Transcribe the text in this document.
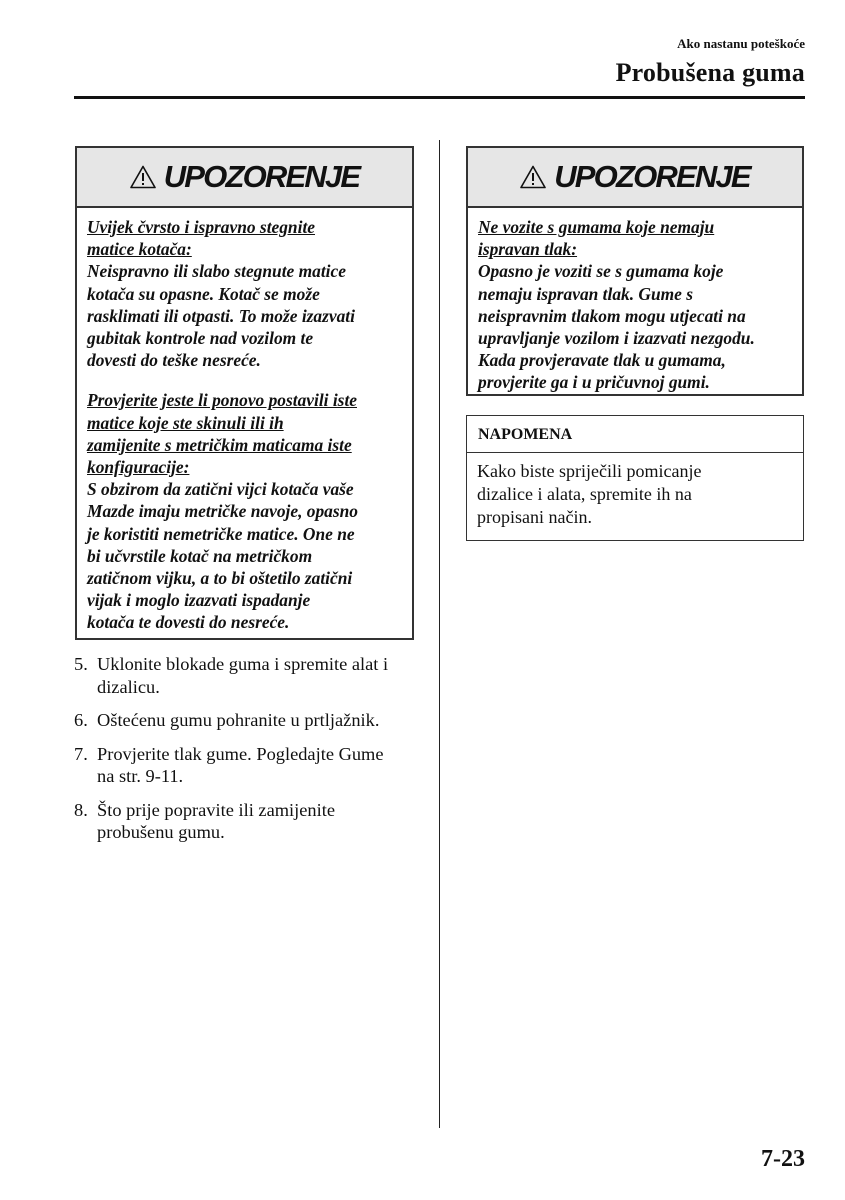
Ako nastanu poteškoće
Probušena guma
UPOZORENJE

Uvijek čvrsto i ispravno stegnite
matice kotača:
Neispravno ili slabo stegnute matice
kotača su opasne. Kotač se može
rasklimati ili otpasti. To može izazvati
gubitak kontrole nad vozilom te
dovesti do teške nesreće.

Provjerite jeste li ponovo postavili iste
matice koje ste skinuli ili ih
zamijenite s metričkim maticama iste
konfiguracije:
S obzirom da zatični vijci kotača vaše
Mazde imaju metričke navoje, opasno
je koristiti nemetričke matice. One ne
bi učvrstile kotač na metričkom
zatičnom vijku, a to bi oštetilo zatični
vijak i moglo izazvati ispadanje
kotača te dovesti do nesreće.

UPOZORENJE

Ne vozite s gumama koje nemaju
ispravan tlak:
Opasno je voziti se s gumama koje
nemaju ispravan tlak. Gume s
neispravnim tlakom mogu utjecati na
upravljanje vozilom i izazvati nezgodu.
Kada provjeravate tlak u gumama,
provjerite ga i u pričuvnoj gumi.

NAPOMENA
Kako biste spriječili pomicanje
dizalice i alata, spremite ih na
propisani način.
5. Uklonite blokade guma i spremite alat i
dizalicu.
6. Oštećenu gumu pohranite u prtljažnik.
7. Provjerite tlak gume. Pogledajte Gume
na str. 9-11.
8. Što prije popravite ili zamijenite
probušenu gumu.
7-23
